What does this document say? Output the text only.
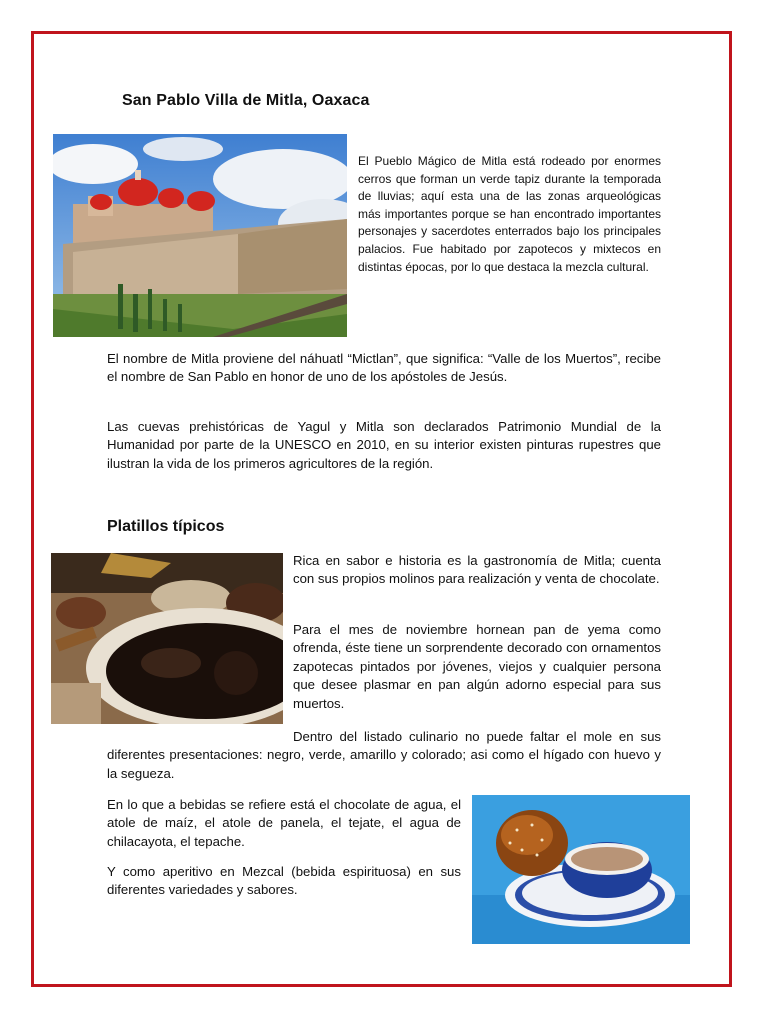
San Pablo Villa de Mitla, Oaxaca

El Pueblo Mágico de Mitla está rodeado por enormes cerros que forman un verde tapiz durante la temporada de lluvias; aquí esta una de las zonas arqueológicas más importantes porque se han encontrado importantes personajes y sacerdotes enterrados bajo los principales palacios. Fue habitado por zapotecos y mixtecos en distintas épocas, por lo que destaca la mezcla cultural.

El nombre de Mitla proviene del náhuatl “Mictlan”, que significa: “Valle de los Muertos”, recibe el nombre de San Pablo en honor de uno de los apóstoles de Jesús.

Las cuevas prehistóricas de Yagul y Mitla son declarados Patrimonio Mundial de la Humanidad por parte de la UNESCO en 2010, en su interior existen pinturas rupestres que ilustran la vida de los primeros agricultores de la región.

Platillos típicos

Rica en sabor e historia es la gastronomía de Mitla; cuenta con sus propios molinos para realización y venta de chocolate.

Para el mes de noviembre hornean pan de yema como ofrenda, éste tiene un sorprendente decorado con ornamentos zapotecas pintados por jóvenes, viejos y cualquier persona que desee plasmar en pan algún adorno especial para sus muertos.

Dentro del listado culinario no puede faltar el mole en sus diferentes presentaciones: negro, verde, amarillo y colorado; asi como el hígado con huevo y la segueza.

En lo que a bebidas se refiere está el chocolate de agua, el atole de maíz, el atole de panela, el tejate, el agua de chilacayota, el tepache.

Y como aperitivo en Mezcal (bebida espirituosa) en sus diferentes variedades y sabores.
